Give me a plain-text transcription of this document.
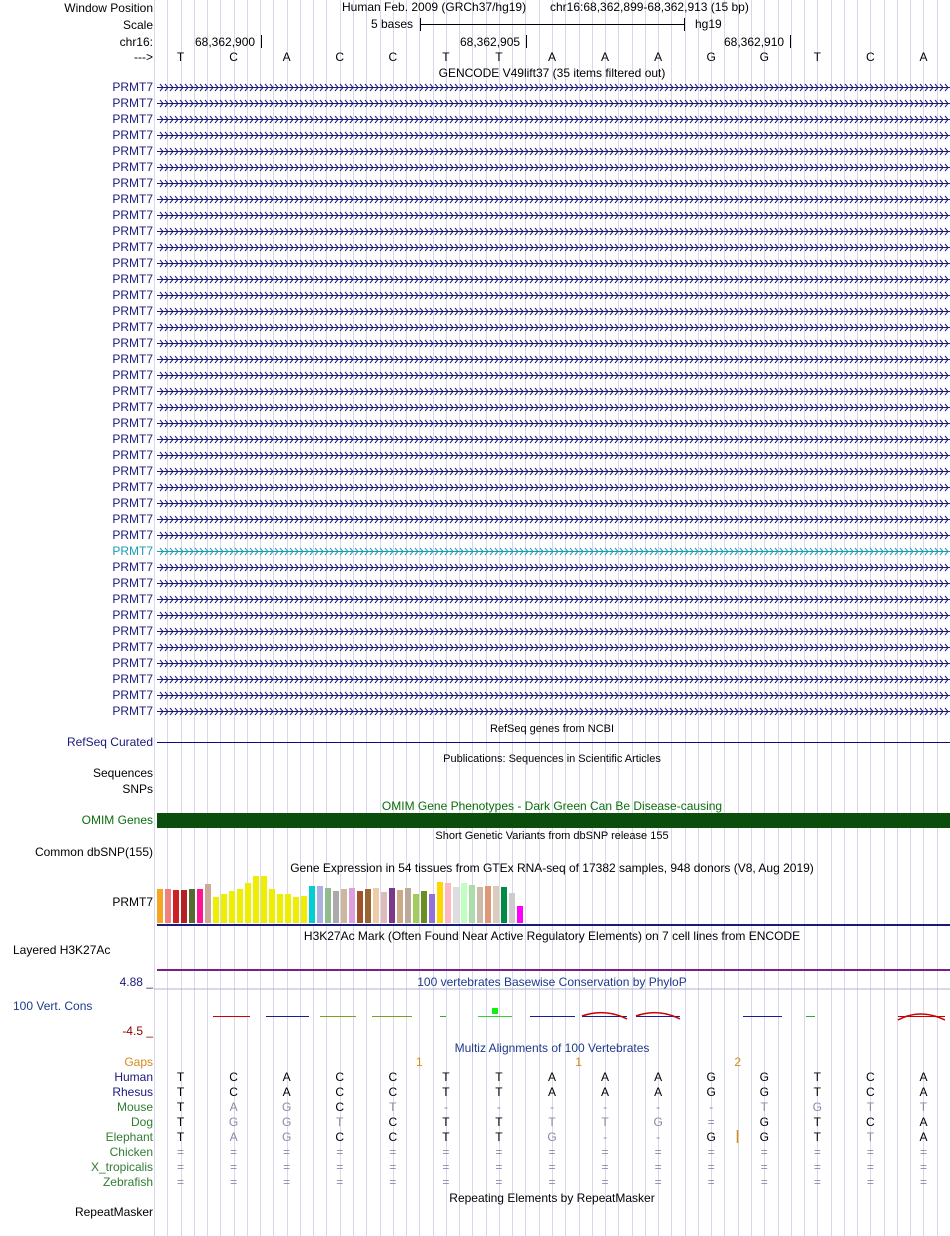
Window Position
Scale
chr16:
--->
Human Feb. 2009 (GRCh37/hg19) chr16:68,362,899-68,362,913 (15 bp)
5 bases	hg19
68,362,900	68,362,905	68,362,910
T	C	A	C	C	T	T	A	A	A	G	G	T	C	A
GENCODE V49lift37 (35 items filtered out)
PRMT7
PRMT7
PRMT7
PRMT7
PRMT7
PRMT7
PRMT7
PRMT7
PRMT7
PRMT7
PRMT7
PRMT7
PRMT7
PRMT7
PRMT7
PRMT7
PRMT7
PRMT7
PRMT7
PRMT7
PRMT7
PRMT7
PRMT7
PRMT7
PRMT7
PRMT7
PRMT7
PRMT7
PRMT7
PRMT7
PRMT7
PRMT7
PRMT7
PRMT7
PRMT7
PRMT7
PRMT7
PRMT7
PRMT7
PRMT7
RefSeq genes from NCBI
RefSeq Curated
Publications: Sequences in Scientific Articles
Sequences
SNPs
OMIM Gene Phenotypes - Dark Green Can Be Disease-causing
OMIM Genes
Short Genetic Variants from dbSNP release 155
Common dbSNP(155)
Gene Expression in 54 tissues from GTEx RNA-seq of 17382 samples, 948 donors (V8, Aug 2019)
PRMT7
H3K27Ac Mark (Often Found Near Active Regulatory Elements) on 7 cell lines from ENCODE
Layered H3K27Ac
100 vertebrates Basewise Conservation by PhyloP
4.88 _
100 Vert. Cons
-4.5 _
Multiz Alignments of 100 Vertebrates
Gaps	1	1	2
Human	T	C	A	C	C	T	T	A	A	A	G	G	T	C	A
Rhesus	T	C	A	C	C	T	T	A	A	A	G	G	T	C	A
Mouse	T	A	G	C	T	-	-	-	-	-	-	T	G	T	T
Dog	T	G	G	T	C	T	T	T	T	G	=	G	T	C	A
Elephant	T	A	G	C	C	T	T	G	-	-	G	G	T	T	A
Chicken	=	=	=	=	=	=	=	=	=	=	=	=	=	=	=
X_tropicalis	=	=	=	=	=	=	=	=	=	=	=	=	=	=	=
Zebrafish	=	=	=	=	=	=	=	=	=	=	=	=	=	=	=
Repeating Elements by RepeatMasker
RepeatMasker
